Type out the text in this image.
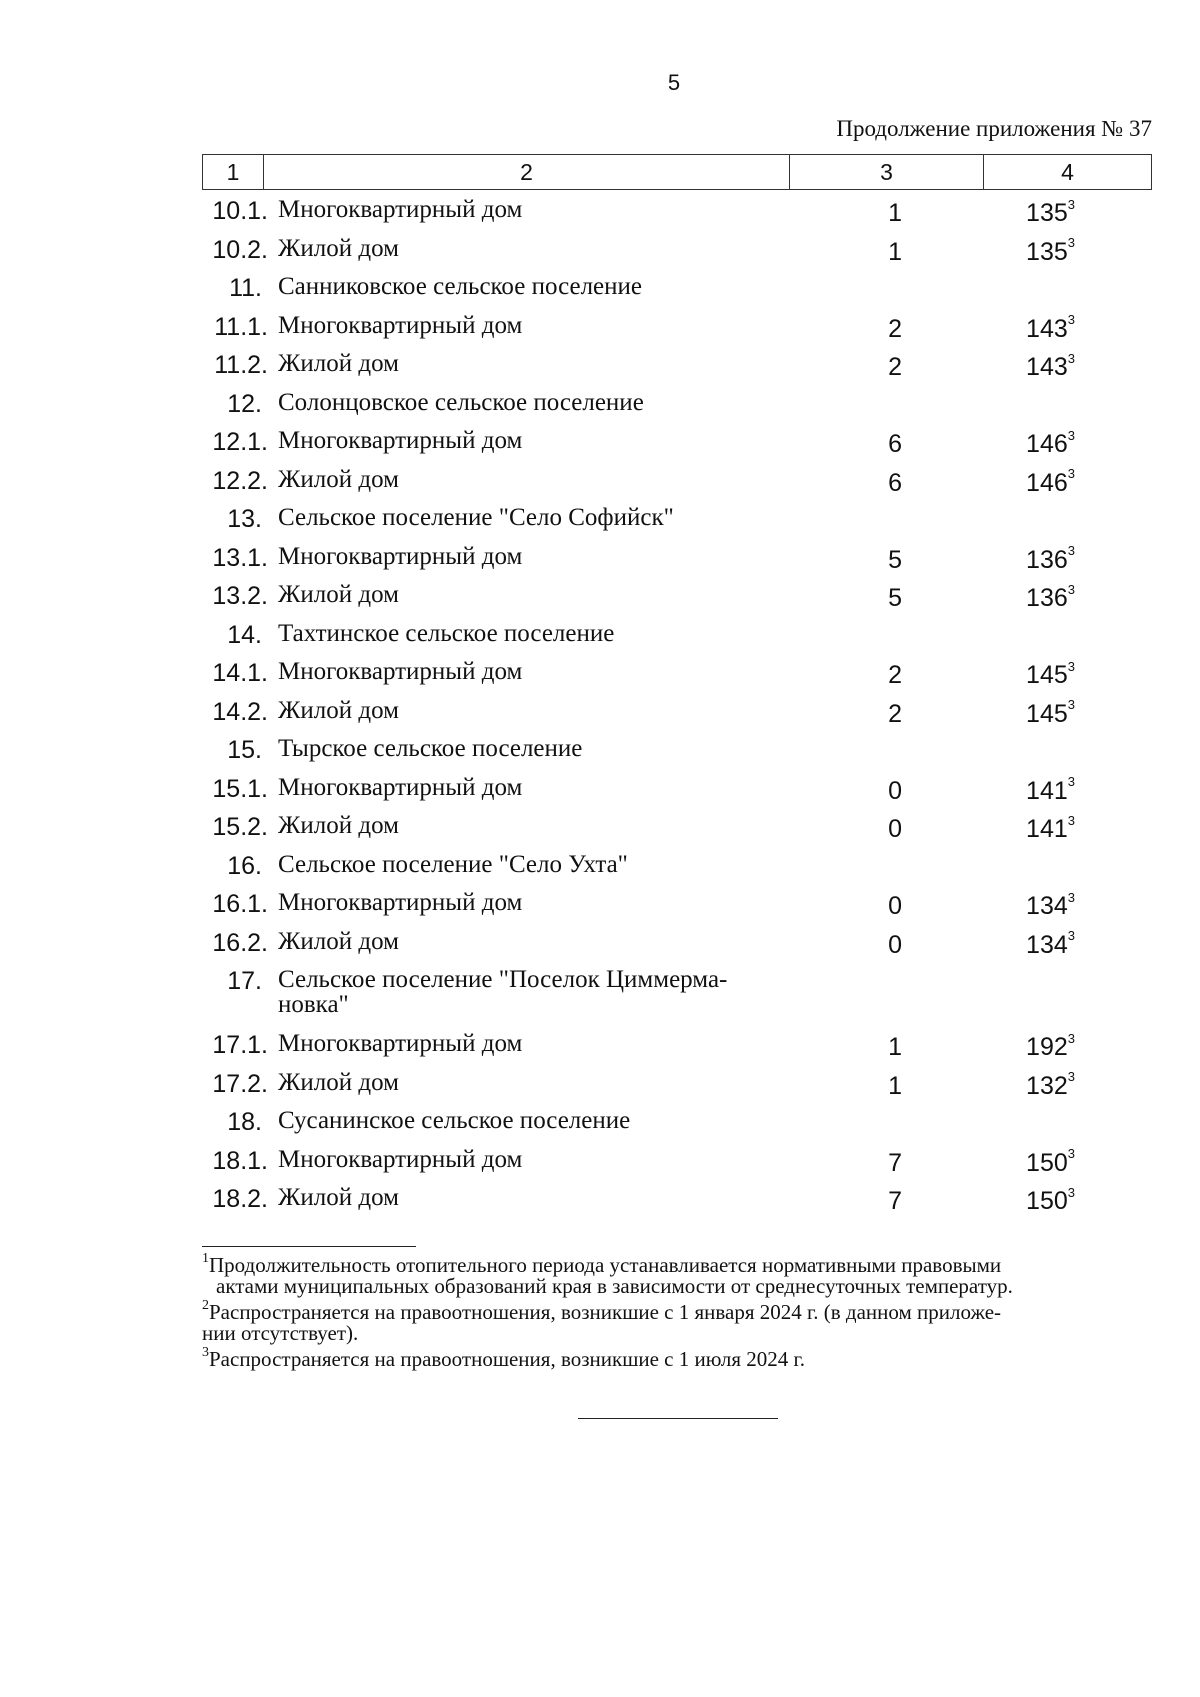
5
Продолжение приложения № 37
1	2	3	4
10.1. Многоквартирный дом	1	$135^3$
10.2. Жилой дом	1	$135^3$
11. Санниковское сельское поселение
11.1. Многоквартирный дом	2	$143^3$
11.2. Жилой дом	2	$143^3$
12. Солонцовское сельское поселение
12.1. Многоквартирный дом	6	$146^3$
12.2. Жилой дом	6	$146^3$
13. Сельское поселение "Село Софийск"
13.1. Многоквартирный дом	5	$136^3$
13.2. Жилой дом	5	$136^3$
14. Тахтинское сельское поселение
14.1. Многоквартирный дом	2	$145^3$
14.2. Жилой дом	2	$145^3$
15. Тырское сельское поселение
15.1. Многоквартирный дом	0	$141^3$
15.2. Жилой дом	0	$141^3$
16. Сельское поселение "Село Ухта"
16.1. Многоквартирный дом	0	$134^3$
16.2. Жилой дом	0	$134^3$
17. Сельское поселение "Поселок Циммерма-
новка"
17.1. Многоквартирный дом	1	$192^3$
17.2. Жилой дом	1	$132^3$
18. Сусанинское сельское поселение
18.1. Многоквартирный дом	7	$150^3$
18.2. Жилой дом	7	$150^3$
$^1$Продолжительность отопительного периода устанавливается нормативными правовыми
актами муниципальных образований края в зависимости от среднесуточных температур.
$^2$Распространяется на правоотношения, возникшие с 1 января 2024 г. (в данном приложе-
нии отсутствует).
$^3$Распространяется на правоотношения, возникшие с 1 июля 2024 г.
